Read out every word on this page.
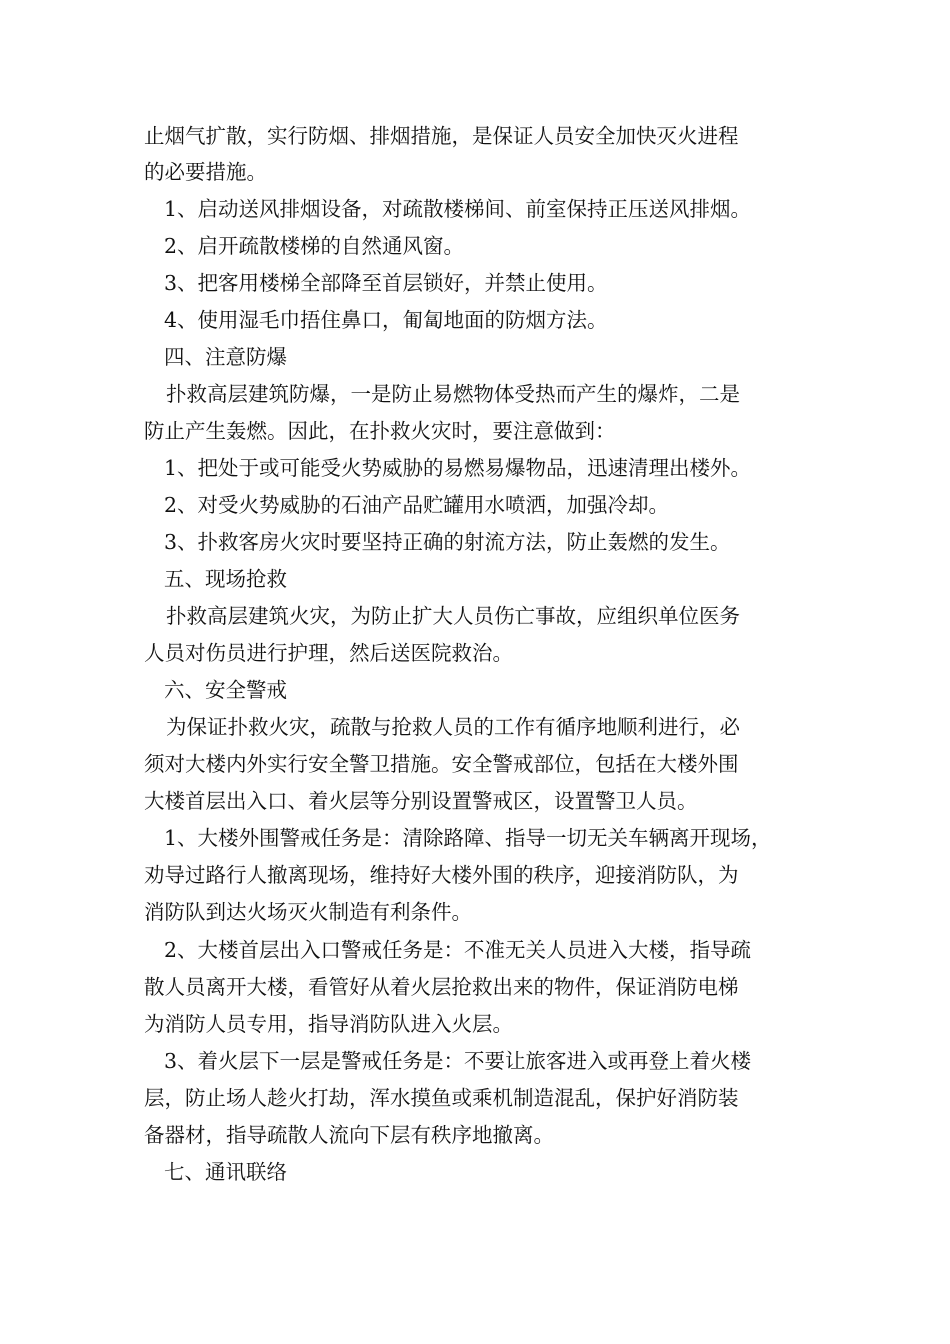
止烟气扩散，实行防烟、排烟措施，是保证人员安全加快灭火进程
的必要措施。
1、启动送风排烟设备，对疏散楼梯间、前室保持正压送风排烟。
2、启开疏散楼梯的自然通风窗。
3、把客用楼梯全部降至首层锁好，并禁止使用。
4、使用湿毛巾捂住鼻口，匍匐地面的防烟方法。
四、注意防爆
扑救高层建筑防爆，一是防止易燃物体受热而产生的爆炸，二是
防止产生轰燃。因此，在扑救火灾时，要注意做到：
1、把处于或可能受火势威胁的易燃易爆物品，迅速清理出楼外。
2、对受火势威胁的石油产品贮罐用水喷洒，加强冷却。
3、扑救客房火灾时要坚持正确的射流方法，防止轰燃的发生。
五、现场抢救
扑救高层建筑火灾，为防止扩大人员伤亡事故，应组织单位医务
人员对伤员进行护理，然后送医院救治。
六、安全警戒
为保证扑救火灾，疏散与抢救人员的工作有循序地顺利进行，必
须对大楼内外实行安全警卫措施。安全警戒部位，包括在大楼外围
大楼首层出入口、着火层等分别设置警戒区，设置警卫人员。
1、大楼外围警戒任务是：清除路障、指导一切无关车辆离开现场，
劝导过路行人撤离现场，维持好大楼外围的秩序，迎接消防队，为
消防队到达火场灭火制造有利条件。
2、大楼首层出入口警戒任务是：不准无关人员进入大楼，指导疏
散人员离开大楼，看管好从着火层抢救出来的物件，保证消防电梯
为消防人员专用，指导消防队进入火层。
3、着火层下一层是警戒任务是：不要让旅客进入或再登上着火楼
层，防止场人趁火打劫，浑水摸鱼或乘机制造混乱，保护好消防装
备器材，指导疏散人流向下层有秩序地撤离。
七、通讯联络
